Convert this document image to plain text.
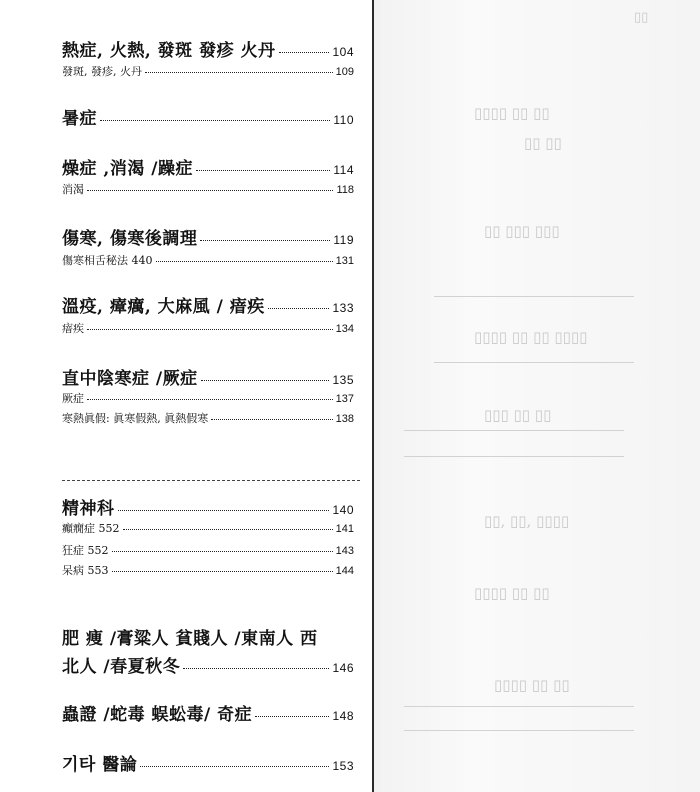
▯▯
▯▯▯▯ ▯▯ ▯▯
▯▯ ▯▯
▯▯ ▯▯▯ ▯▯▯
▯▯▯▯ ▯▯ ▯▯ ▯▯▯▯
▯▯▯ ▯▯ ▯▯
▯▯, ▯▯, ▯▯▯▯
▯▯▯▯ ▯▯ ▯▯
▯▯▯▯ ▯▯ ▯▯
熱症, 火熱, 發斑 發疹 火丹	104
發斑, 發疹, 火丹	109
暑症	110
燥症 ,消渴 /躁症	114
消渴	118
傷寒, 傷寒後調理	119
傷寒相舌秘法 440	131
溫疫, 瘴癘, 大麻風 / 瘖疾	133
瘖疾	134
直中陰寒症 /厥症	135
厥症	137
寒熱眞假: 眞寒假熱, 眞熱假寒	138
精神科	140
癲癇症 552	141
狂症 552	143
呆病 553	144
肥 痩 /膏粱人 貧賤人 /東南人 西
北人 /春夏秋冬	146
蟲證 /蛇毒 蜈蚣毒/ 奇症	148
기타 醫論	153
